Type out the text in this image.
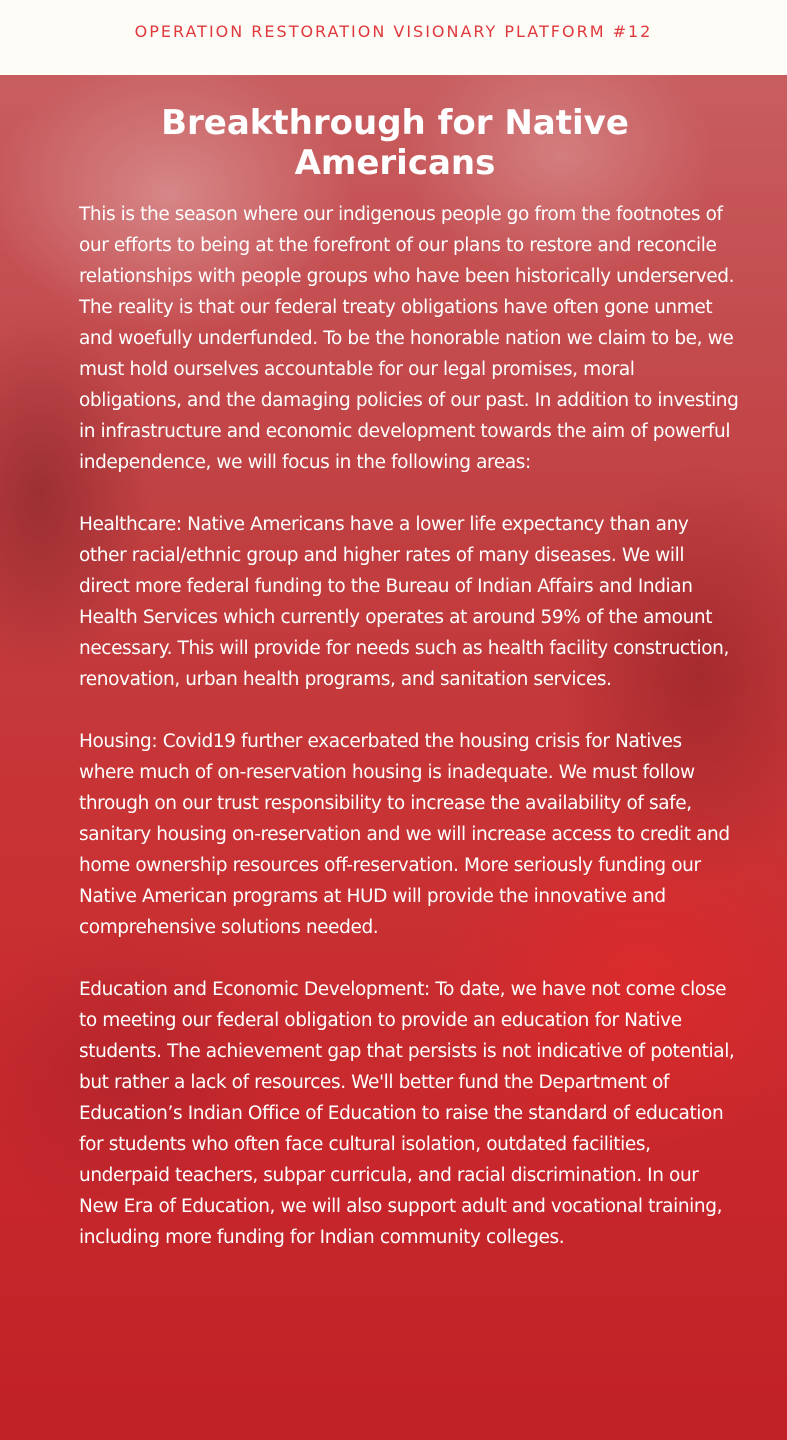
OPERATION RESTORATION VISIONARY PLATFORM #12
Breakthrough for Native Americans

This is the season where our indigenous people go from the footnotes of our efforts to being at the forefront of our plans to restore and reconcile relationships with people groups who have been historically underserved. The reality is that our federal treaty obligations have often gone unmet and woefully underfunded. To be the honorable nation we claim to be, we must hold ourselves accountable for our legal promises, moral obligations, and the damaging policies of our past. In addition to investing in infrastructure and economic development towards the aim of powerful independence, we will focus in the following areas:

Healthcare: Native Americans have a lower life expectancy than any other racial/ethnic group and higher rates of many diseases. We will direct more federal funding to the Bureau of Indian Affairs and Indian Health Services which currently operates at around 59% of the amount necessary. This will provide for needs such as health facility construction, renovation, urban health programs, and sanitation services.

Housing: Covid19 further exacerbated the housing crisis for Natives where much of on-reservation housing is inadequate. We must follow through on our trust responsibility to increase the availability of safe, sanitary housing on-reservation and we will increase access to credit and home ownership resources off-reservation. More seriously funding our Native American programs at HUD will provide the innovative and comprehensive solutions needed.

Education and Economic Development: To date, we have not come close to meeting our federal obligation to provide an education for Native students. The achievement gap that persists is not indicative of potential, but rather a lack of resources. We'll better fund the Department of Education’s Indian Office of Education to raise the standard of education for students who often face cultural isolation, outdated facilities, underpaid teachers, subpar curricula, and racial discrimination. In our New Era of Education, we will also support adult and vocational training, including more funding for Indian community colleges.
